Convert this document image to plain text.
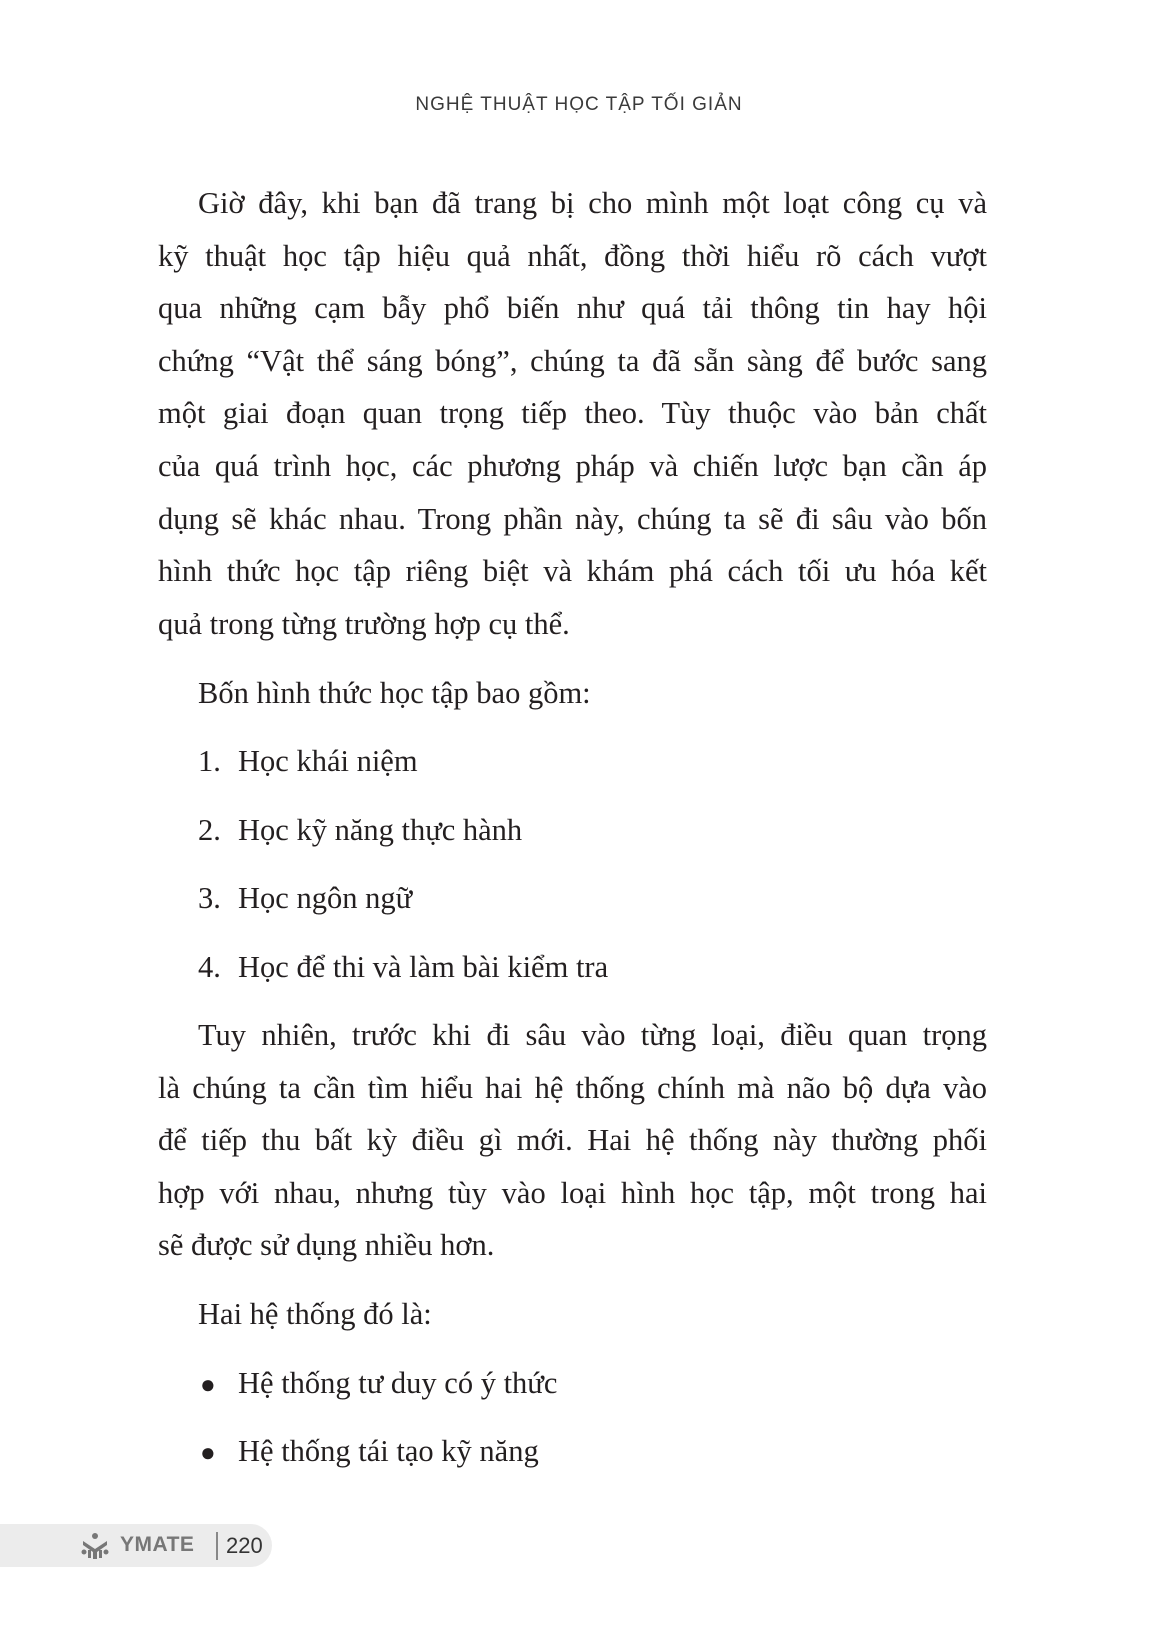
NGHỆ THUẬT HỌC TẬP TỐI GIẢN
Giờ đây, khi bạn đã trang bị cho mình một loạt công cụ và
kỹ thuật học tập hiệu quả nhất, đồng thời hiểu rõ cách vượt
qua những cạm bẫy phổ biến như quá tải thông tin hay hội
chứng “Vật thể sáng bóng”, chúng ta đã sẵn sàng để bước sang
một giai đoạn quan trọng tiếp theo. Tùy thuộc vào bản chất
của quá trình học, các phương pháp và chiến lược bạn cần áp
dụng sẽ khác nhau. Trong phần này, chúng ta sẽ đi sâu vào bốn
hình thức học tập riêng biệt và khám phá cách tối ưu hóa kết
quả trong từng trường hợp cụ thể.
Bốn hình thức học tập bao gồm:
1. Học khái niệm
2. Học kỹ năng thực hành
3. Học ngôn ngữ
4. Học để thi và làm bài kiểm tra
Tuy nhiên, trước khi đi sâu vào từng loại, điều quan trọng
là chúng ta cần tìm hiểu hai hệ thống chính mà não bộ dựa vào
để tiếp thu bất kỳ điều gì mới. Hai hệ thống này thường phối
hợp với nhau, nhưng tùy vào loại hình học tập, một trong hai
sẽ được sử dụng nhiều hơn.
Hai hệ thống đó là:
● Hệ thống tư duy có ý thức
● Hệ thống tái tạo kỹ năng
YMATE 220
